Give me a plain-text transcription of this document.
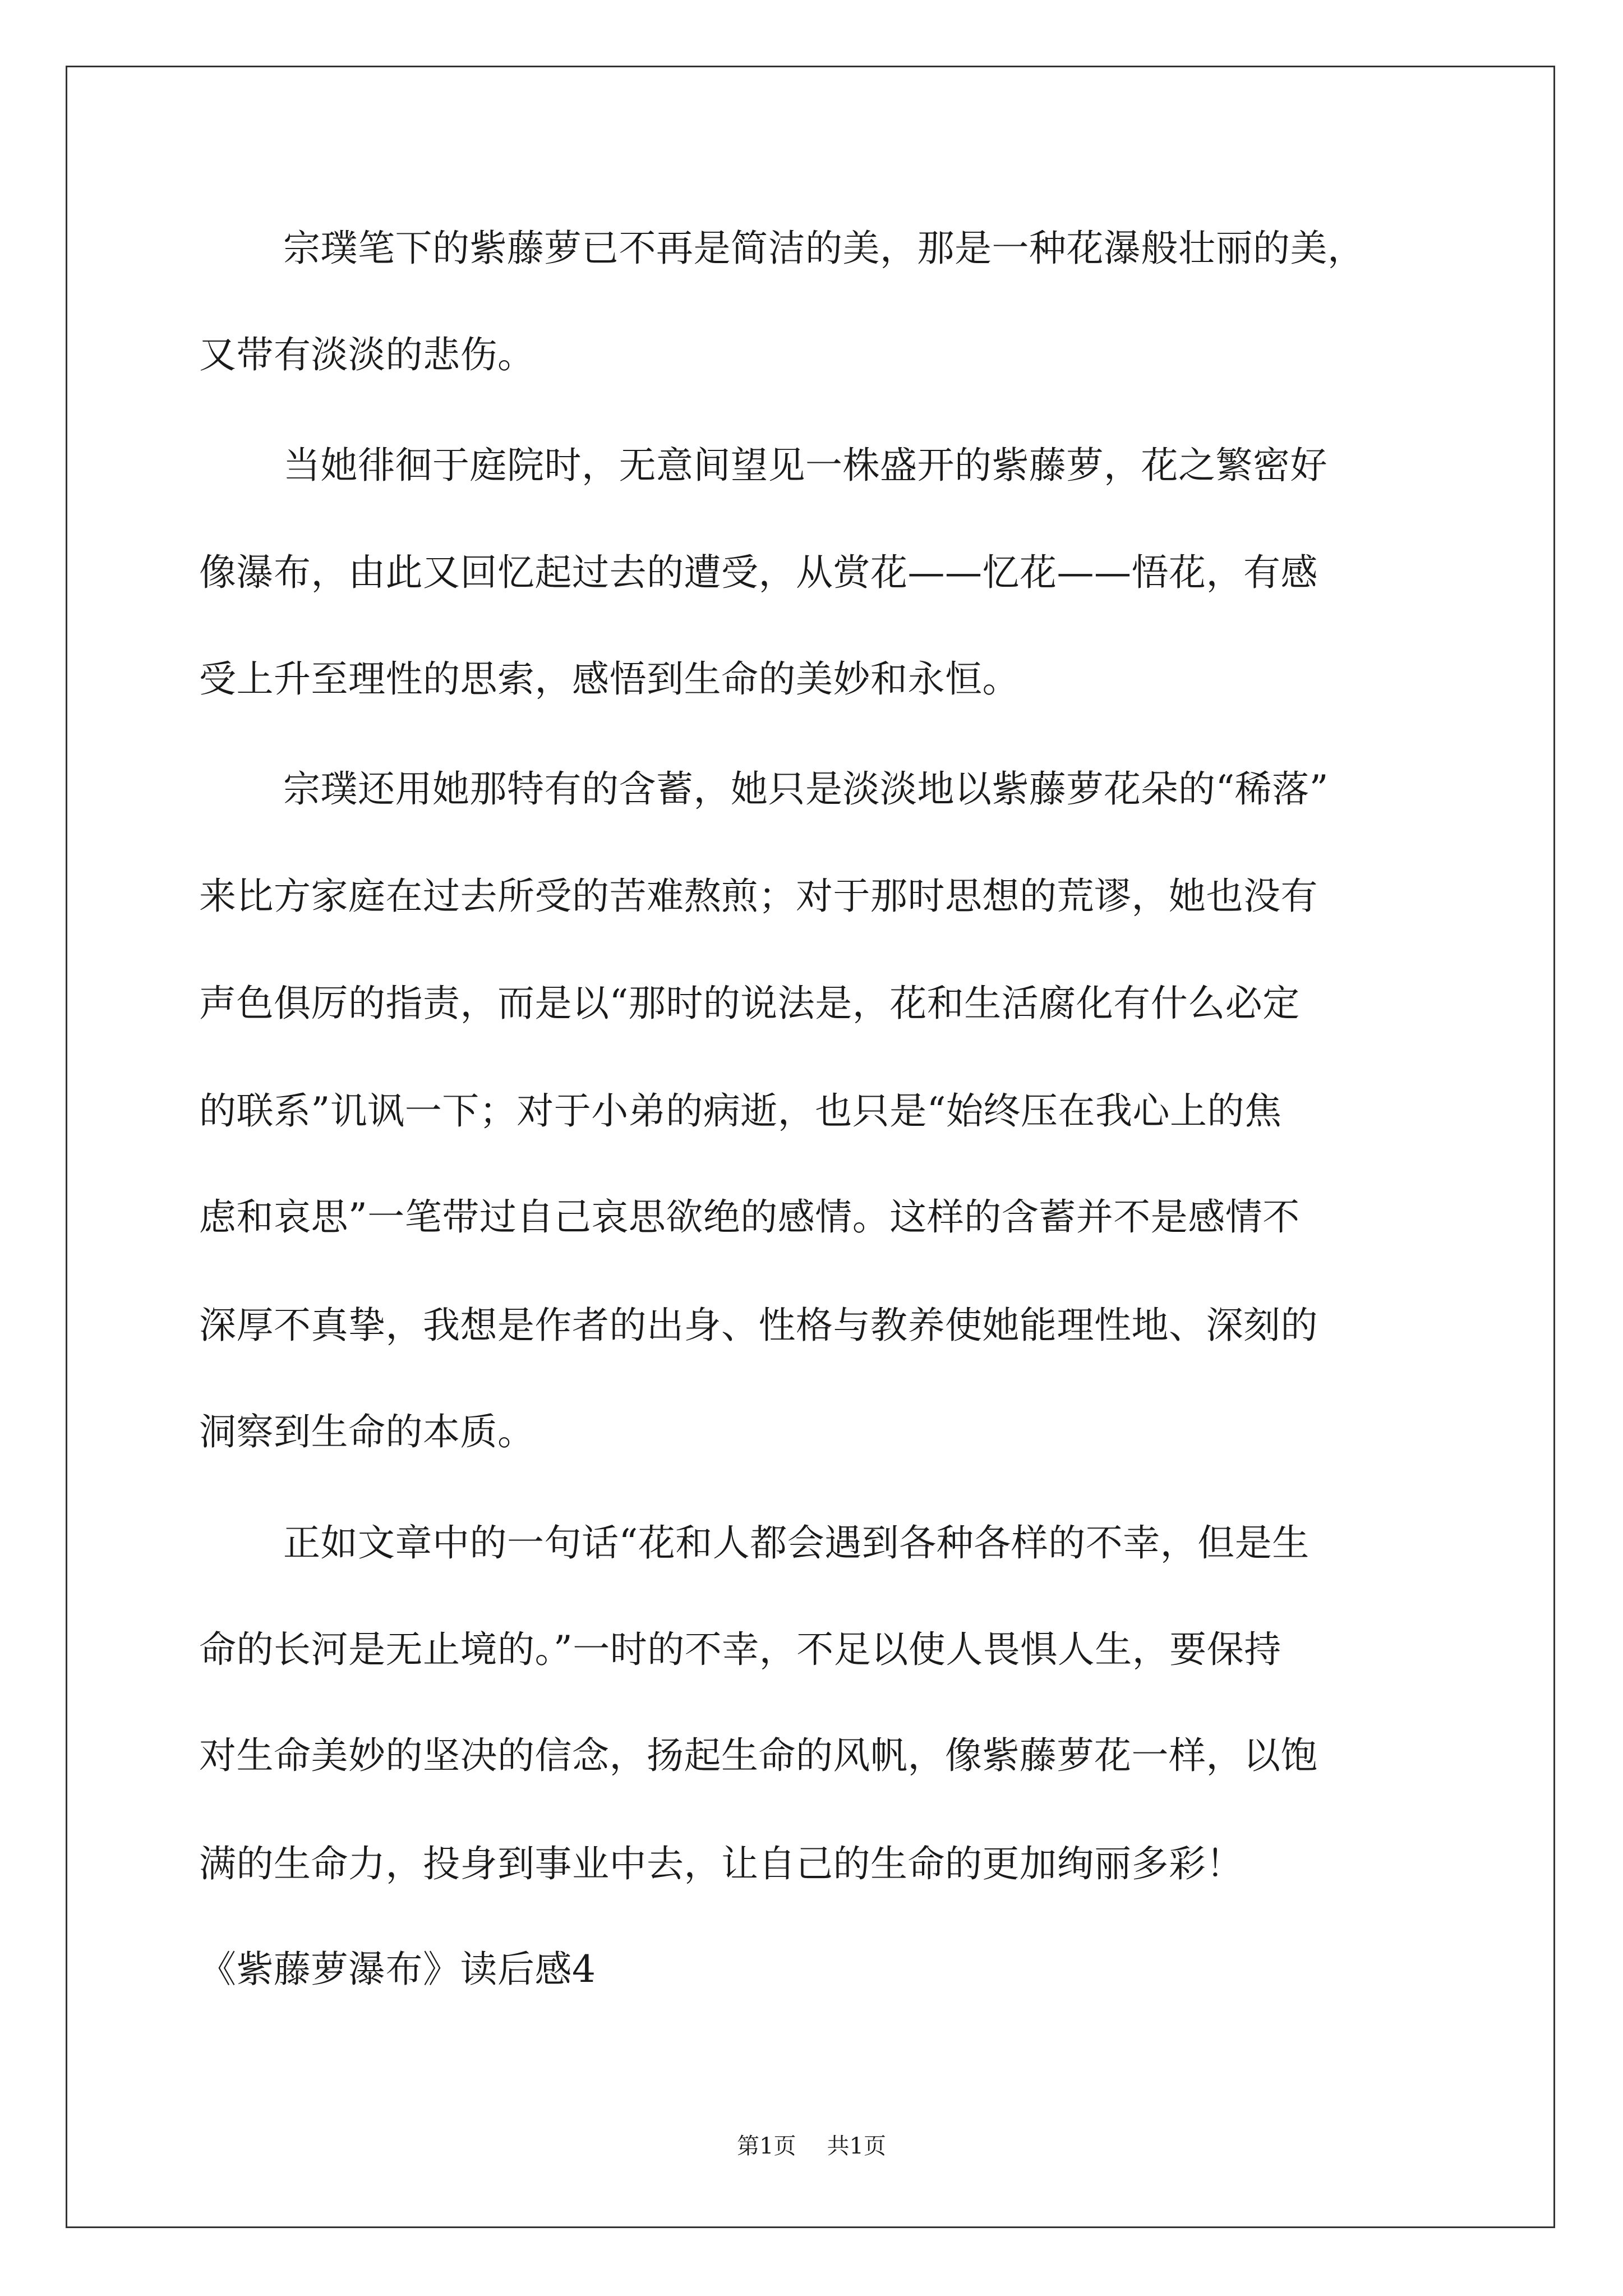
宗璞笔下的紫藤萝已不再是简洁的美，那是一种花瀑般壮丽的美，
又带有淡淡的悲伤。
当她徘徊于庭院时，无意间望见一株盛开的紫藤萝，花之繁密好
像瀑布，由此又回忆起过去的遭受，从赏花——忆花——悟花，有感
受上升至理性的思索，感悟到生命的美妙和永恒。
宗璞还用她那特有的含蓄，她只是淡淡地以紫藤萝花朵的“稀落”
来比方家庭在过去所受的苦难熬煎；对于那时思想的荒谬，她也没有
声色俱厉的指责，而是以“那时的说法是，花和生活腐化有什么必定
的联系”讥讽一下；对于小弟的病逝，也只是“始终压在我心上的焦
虑和哀思”一笔带过自己哀思欲绝的感情。这样的含蓄并不是感情不
深厚不真挚，我想是作者的出身、性格与教养使她能理性地、深刻的
洞察到生命的本质。
正如文章中的一句话“花和人都会遇到各种各样的不幸，但是生
命的长河是无止境的。”一时的不幸，不足以使人畏惧人生，要保持
对生命美妙的坚决的信念，扬起生命的风帆，像紫藤萝花一样，以饱
满的生命力，投身到事业中去，让自己的生命的更加绚丽多彩！
《紫藤萝瀑布》读后感4
第1页 共1页
